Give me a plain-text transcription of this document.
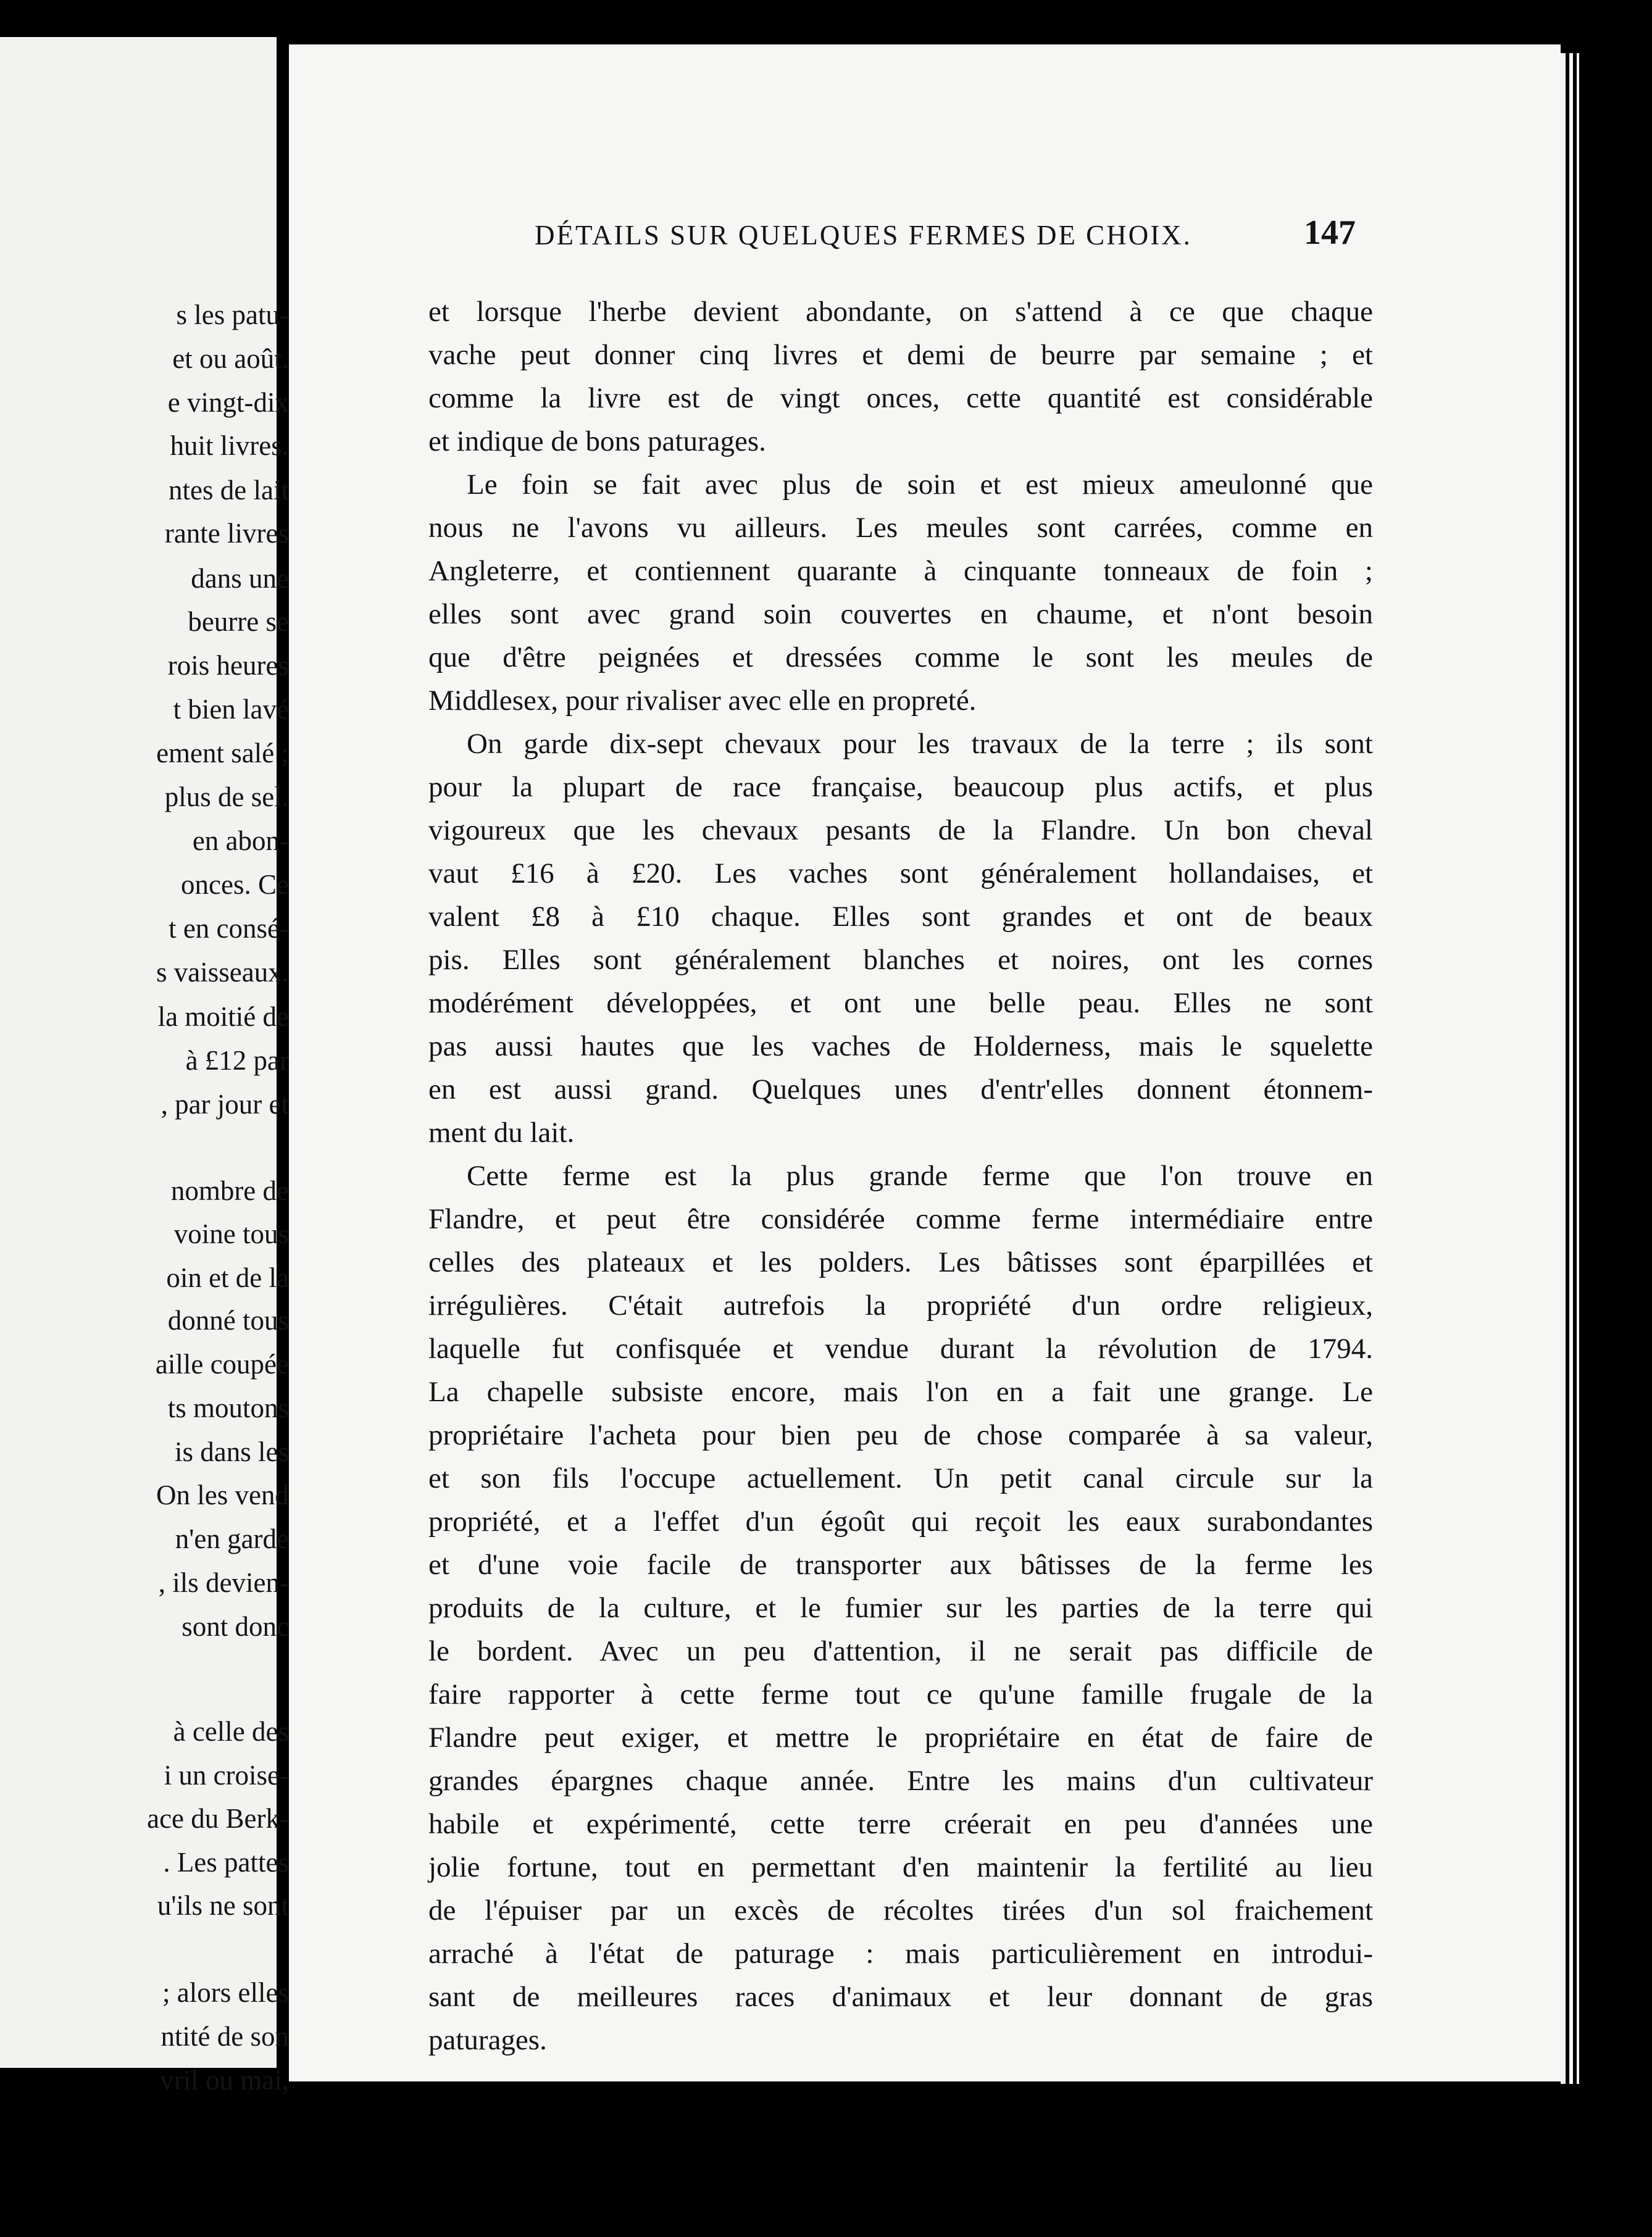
s les patu-
et ou août.
e vingt-dix
huit livres.
ntes de lait
rante livres
dans une
beurre se
rois heures
t bien lavé
ement salé ;
plus de sel.
en abon-
onces. Ce
t en consé-
s vaisseaux.
la moitié de
à £12 par
, par jour et
nombre de
voine tous
oin et de la
donné tous
aille coupée
ts moutons
is dans les
On les vend
n'en garde
, ils devien-
sont donc
à celle des
i un croise-
ace du Berk-
. Les pattes
u'ils ne sont
; alors elles
ntité de son
vril ou mai,
DÉTAILS SUR QUELQUES FERMES DE CHOIX.	147
et lorsque l'herbe devient abondante, on s'attend à ce que chaque
vache peut donner cinq livres et demi de beurre par semaine ; et
comme la livre est de vingt onces, cette quantité est considérable
et indique de bons paturages.
Le foin se fait avec plus de soin et est mieux ameulonné que
nous ne l'avons vu ailleurs. Les meules sont carrées, comme en
Angleterre, et contiennent quarante à cinquante tonneaux de foin ;
elles sont avec grand soin couvertes en chaume, et n'ont besoin
que d'être peignées et dressées comme le sont les meules de
Middlesex, pour rivaliser avec elle en propreté.
On garde dix-sept chevaux pour les travaux de la terre ; ils sont
pour la plupart de race française, beaucoup plus actifs, et plus
vigoureux que les chevaux pesants de la Flandre. Un bon cheval
vaut £16 à £20. Les vaches sont généralement hollandaises, et
valent £8 à £10 chaque. Elles sont grandes et ont de beaux
pis. Elles sont généralement blanches et noires, ont les cornes
modérément développées, et ont une belle peau. Elles ne sont
pas aussi hautes que les vaches de Holderness, mais le squelette
en est aussi grand. Quelques unes d'entr'elles donnent étonnem-
ment du lait.
Cette ferme est la plus grande ferme que l'on trouve en
Flandre, et peut être considérée comme ferme intermédiaire entre
celles des plateaux et les polders. Les bâtisses sont éparpillées et
irrégulières. C'était autrefois la propriété d'un ordre religieux,
laquelle fut confisquée et vendue durant la révolution de 1794.
La chapelle subsiste encore, mais l'on en a fait une grange. Le
propriétaire l'acheta pour bien peu de chose comparée à sa valeur,
et son fils l'occupe actuellement. Un petit canal circule sur la
propriété, et a l'effet d'un égoût qui reçoit les eaux surabondantes
et d'une voie facile de transporter aux bâtisses de la ferme les
produits de la culture, et le fumier sur les parties de la terre qui
le bordent. Avec un peu d'attention, il ne serait pas difficile de
faire rapporter à cette ferme tout ce qu'une famille frugale de la
Flandre peut exiger, et mettre le propriétaire en état de faire de
grandes épargnes chaque année. Entre les mains d'un cultivateur
habile et expérimenté, cette terre créerait en peu d'années une
jolie fortune, tout en permettant d'en maintenir la fertilité au lieu
de l'épuiser par un excès de récoltes tirées d'un sol fraichement
arraché à l'état de paturage : mais particulièrement en introdui-
sant de meilleures races d'animaux et leur donnant de gras
paturages.
